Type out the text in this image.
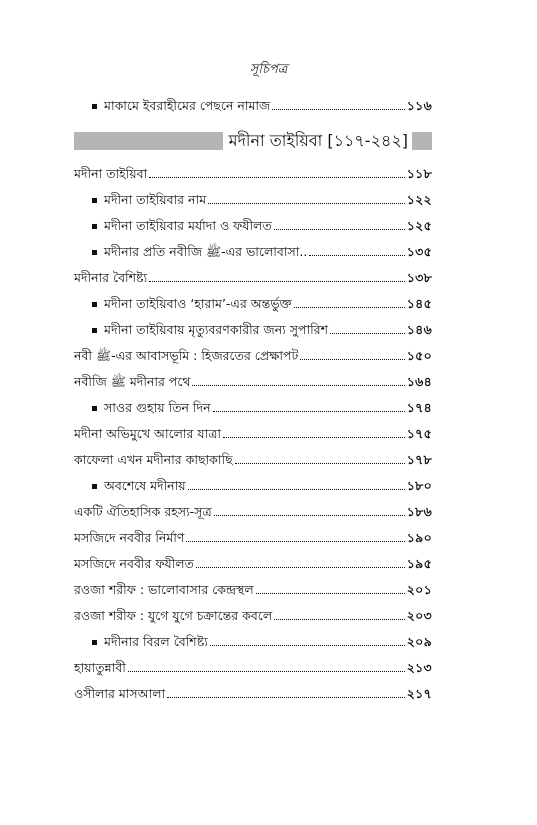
সূচিপত্র
মাকামে ইবরাহীমের পেছনে নামাজ	১১৬
মদীনা তাইয়িবা [১১৭-২৪২]
মদীনা তাইয়িবা	১১৮
মদীনা তাইয়িবার নাম	১২২
মদীনা তাইয়িবার মর্যাদা ও ফযীলত	১২৫
মদীনার প্রতি নবীজি ﷺ-এর ভালোবাসা..	১৩৫
মদীনার বৈশিষ্ট্য	১৩৮
মদীনা তাইয়িবাও ‘হারাম’-এর অন্তর্ভুক্ত	১৪৫
মদীনা তাইয়িবায় মৃত্যুবরণকারীর জন্য সুপারিশ	১৪৬
নবী ﷺ-এর আবাসভূমি : হিজরতের প্রেক্ষাপট	১৫০
নবীজি ﷺ মদীনার পথে	১৬৪
সাওর গুহায় তিন দিন	১৭৪
মদীনা অভিমুখে আলোর যাত্রা	১৭৫
কাফেলা এখন মদীনার কাছাকাছি	১৭৮
অবশেষে মদীনায়	১৮০
একটি ঐতিহাসিক রহস্য-সূত্র	১৮৬
মসজিদে নববীর নির্মাণ	১৯০
মসজিদে নববীর ফযীলত	১৯৫
রওজা শরীফ : ভালোবাসার কেন্দ্রস্থল	২০১
রওজা শরীফ : যুগে যুগে চক্রান্তের কবলে	২০৩
মদীনার বিরল বৈশিষ্ট্য	২০৯
হায়াতুন্নাবী	২১৩
ওসীলার মাসআলা	২১৭
